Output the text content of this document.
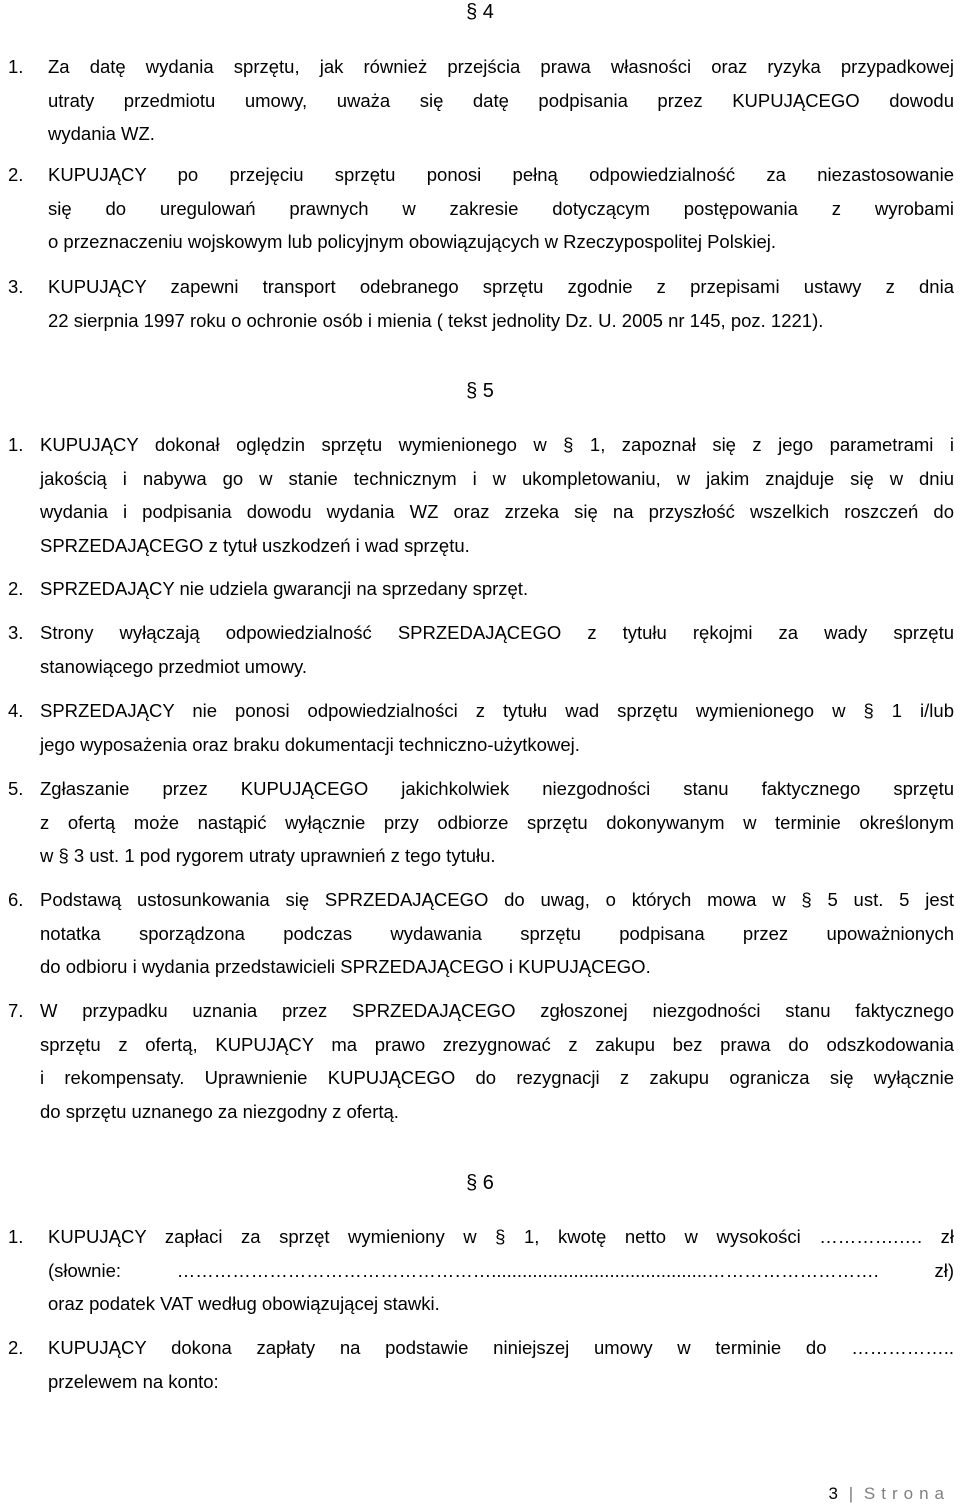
§ 4
1. Za datę wydania sprzętu, jak również przejścia prawa własności oraz ryzyka przypadkowej
utraty przedmiotu umowy, uważa się datę podpisania przez KUPUJĄCEGO dowodu
wydania WZ.
2. KUPUJĄCY po przejęciu sprzętu ponosi pełną odpowiedzialność za niezastosowanie
się do uregulowań prawnych w zakresie dotyczącym postępowania z wyrobami
o przeznaczeniu wojskowym lub policyjnym obowiązujących w Rzeczypospolitej Polskiej.
3. KUPUJĄCY zapewni transport odebranego sprzętu zgodnie z przepisami ustawy z dnia
22 sierpnia 1997 roku o ochronie osób i mienia ( tekst jednolity Dz. U. 2005 nr 145, poz. 1221).
§ 5
1. KUPUJĄCY dokonał oględzin sprzętu wymienionego w § 1, zapoznał się z jego parametrami i
jakością i nabywa go w stanie technicznym i w ukompletowaniu, w jakim znajduje się w dniu
wydania i podpisania dowodu wydania WZ oraz zrzeka się na przyszłość wszelkich roszczeń do
SPRZEDAJĄCEGO z tytuł uszkodzeń i wad sprzętu.
2. SPRZEDAJĄCY nie udziela gwarancji na sprzedany sprzęt.
3. Strony wyłączają odpowiedzialność SPRZEDAJĄCEGO z tytułu rękojmi za wady sprzętu
stanowiącego przedmiot umowy.
4. SPRZEDAJĄCY nie ponosi odpowiedzialności z tytułu wad sprzętu wymienionego w § 1 i/lub
jego wyposażenia oraz braku dokumentacji techniczno-użytkowej.
5. Zgłaszanie przez KUPUJĄCEGO jakichkolwiek niezgodności stanu faktycznego sprzętu
z ofertą może nastąpić wyłącznie przy odbiorze sprzętu dokonywanym w terminie określonym
w § 3 ust. 1 pod rygorem utraty uprawnień z tego tytułu.
6. Podstawą ustosunkowania się SPRZEDAJĄCEGO do uwag, o których mowa w § 5 ust. 5 jest
notatka sporządzona podczas wydawania sprzętu podpisana przez upoważnionych
do odbioru i wydania przedstawicieli SPRZEDAJĄCEGO i KUPUJĄCEGO.
7. W przypadku uznania przez SPRZEDAJĄCEGO zgłoszonej niezgodności stanu faktycznego
sprzętu z ofertą, KUPUJĄCY ma prawo zrezygnować z zakupu bez prawa do odszkodowania
i rekompensaty. Uprawnienie KUPUJĄCEGO do rezygnacji z zakupu ogranicza się wyłącznie
do sprzętu uznanego za niezgodny z ofertą.
§ 6
1. KUPUJĄCY zapłaci za sprzęt wymieniony w § 1, kwotę netto w wysokości ………….…. zł
(słownie: ……………………………………………..........................................………………………. zł)
oraz podatek VAT według obowiązującej stawki.
2. KUPUJĄCY dokona zapłaty na podstawie niniejszej umowy w terminie do ……………..
przelewem na konto:
3 | Strona
